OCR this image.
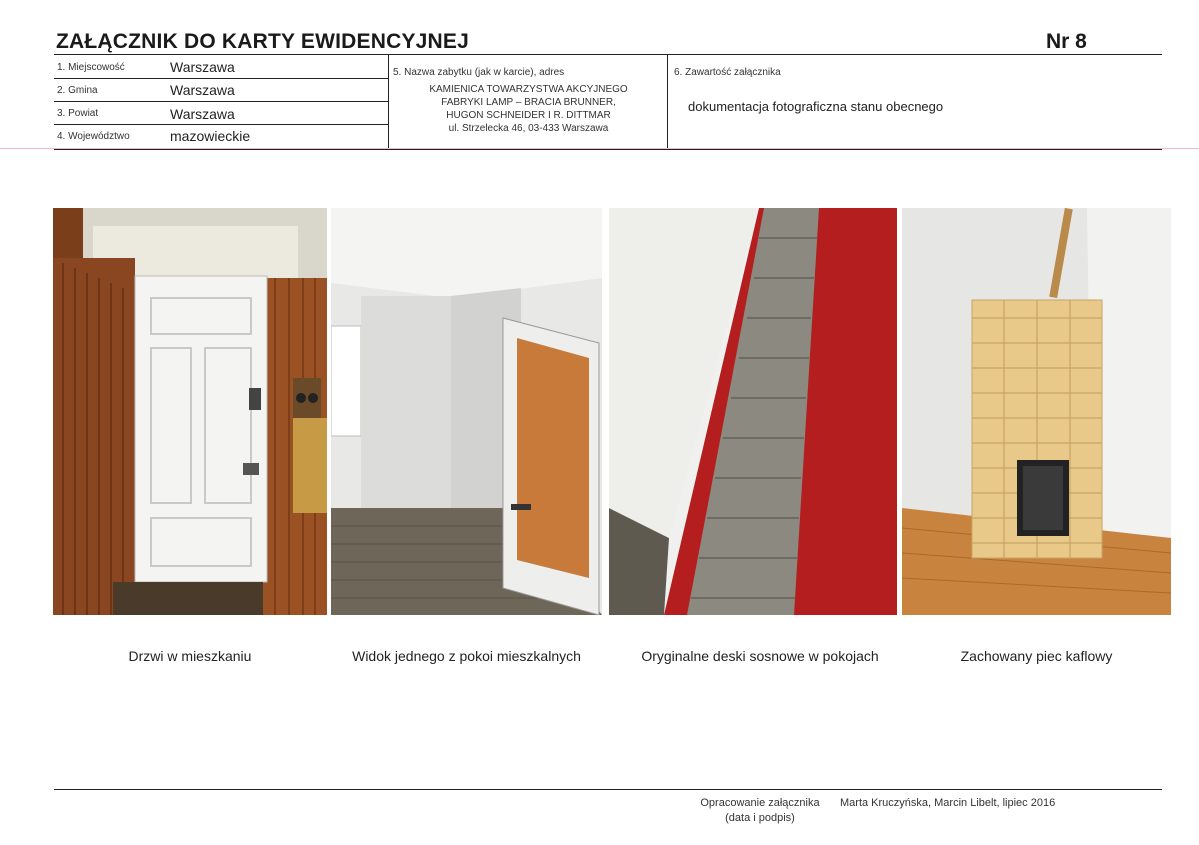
ZAŁĄCZNIK DO KARTY EWIDENCYJNEJ	Nr 8
1. Miejscowość	Warszawa
2. Gmina	Warszawa
3. Powiat	Warszawa
4. Województwo	mazowieckie
5. Nazwa zabytku (jak w karcie), adres
KAMIENICA TOWARZYSTWA AKCYJNEGO
FABRYKI LAMP – BRACIA BRUNNER,
HUGON SCHNEIDER I R. DITTMAR
ul. Strzelecka 46, 03-433 Warszawa
6. Zawartość załącznika
dokumentacja fotograficzna stanu obecnego
Drzwi w mieszkaniu	Widok jednego z pokoi mieszkalnych	Oryginalne deski sosnowe w pokojach	Zachowany piec kaflowy
Opracowanie załącznika
(data i podpis)
Marta Kruczyńska, Marcin Libelt, lipiec 2016
